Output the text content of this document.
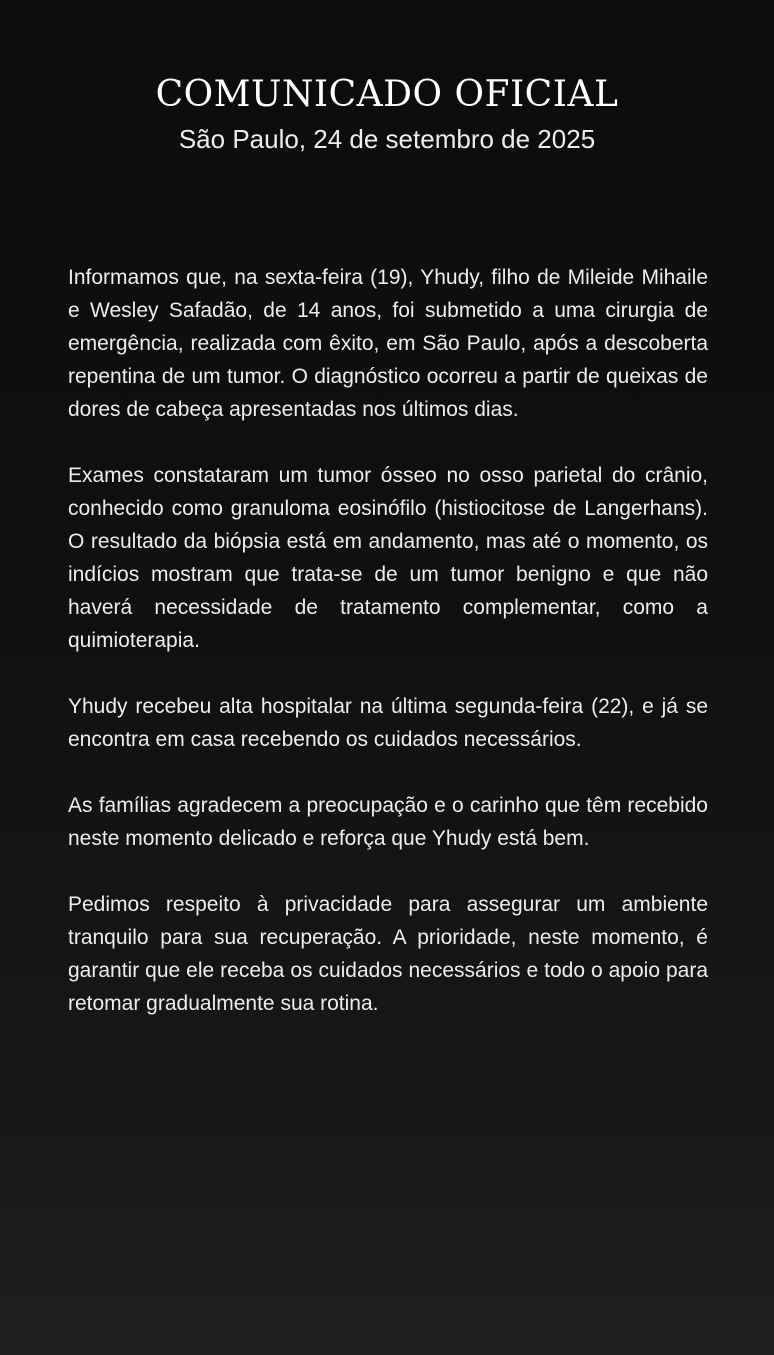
COMUNICADO OFICIAL
São Paulo, 24 de setembro de 2025

Informamos que, na sexta-feira (19), Yhudy, filho de Mileide Mihaile e Wesley Safadão, de 14 anos, foi submetido a uma cirurgia de emergência, realizada com êxito, em São Paulo, após a descoberta repentina de um tumor. O diagnóstico ocorreu a partir de queixas de dores de cabeça apresentadas nos últimos dias.

Exames constataram um tumor ósseo no osso parietal do crânio, conhecido como granuloma eosinófilo (histiocitose de Langerhans). O resultado da biópsia está em andamento, mas até o momento, os indícios mostram que trata-se de um tumor benigno e que não haverá necessidade de tratamento complementar, como a quimioterapia.

Yhudy recebeu alta hospitalar na última segunda-feira (22), e já se encontra em casa recebendo os cuidados necessários.

As famílias agradecem a preocupação e o carinho que têm recebido neste momento delicado e reforça que Yhudy está bem.

Pedimos respeito à privacidade para assegurar um ambiente tranquilo para sua recuperação. A prioridade, neste momento, é garantir que ele receba os cuidados necessários e todo o apoio para retomar gradualmente sua rotina.
